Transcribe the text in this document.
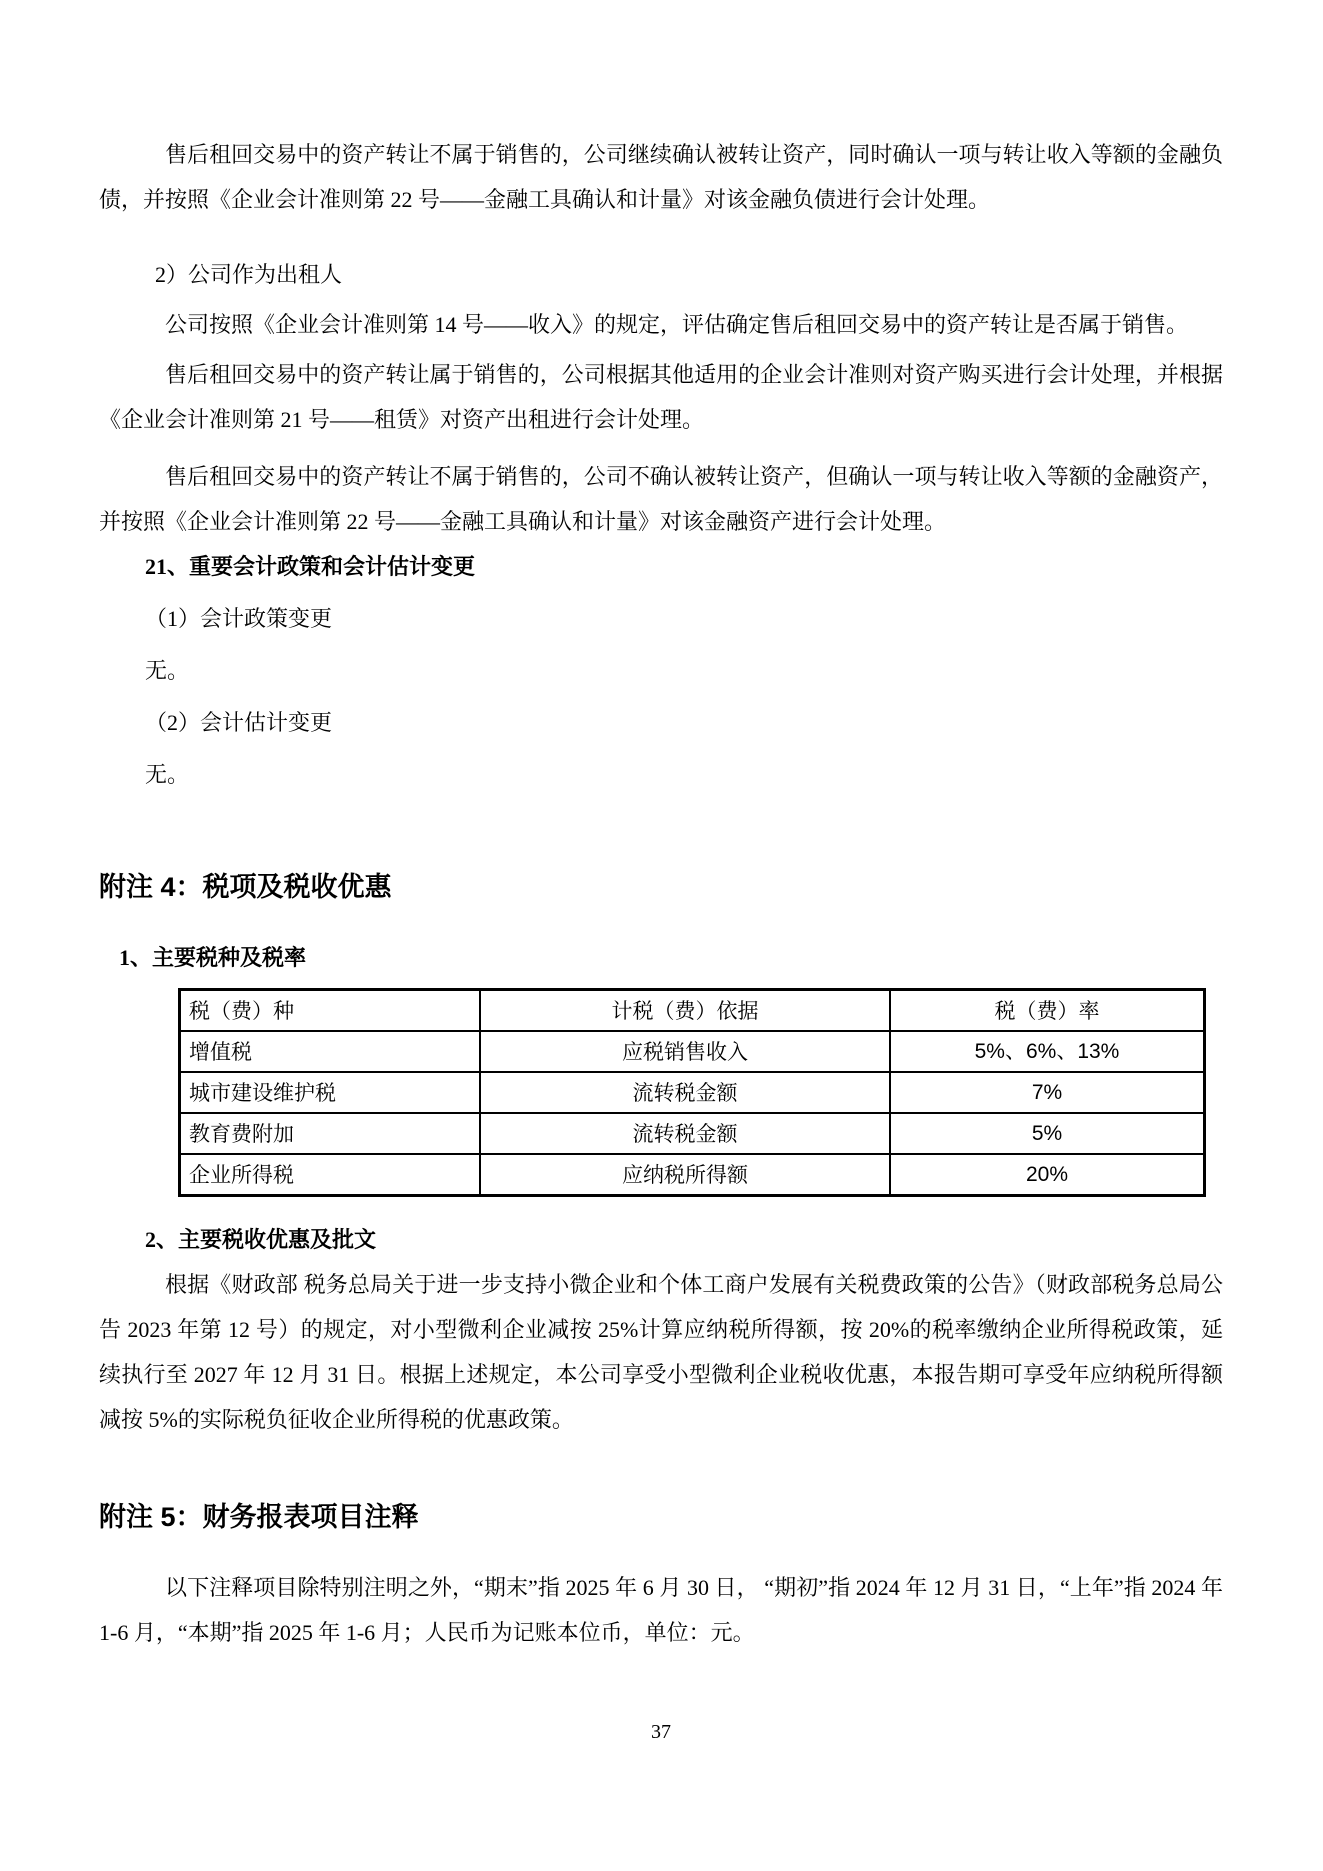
售后租回交易中的资产转让不属于销售的，公司继续确认被转让资产，同时确认一项与转让收入等额的金融负债，并按照《企业会计准则第 22 号——金融工具确认和计量》对该金融负债进行会计处理。

2）公司作为出租人

公司按照《企业会计准则第 14 号——收入》的规定，评估确定售后租回交易中的资产转让是否属于销售。

售后租回交易中的资产转让属于销售的，公司根据其他适用的企业会计准则对资产购买进行会计处理，并根据《企业会计准则第 21 号——租赁》对资产出租进行会计处理。

售后租回交易中的资产转让不属于销售的，公司不确认被转让资产，但确认一项与转让收入等额的金融资产，并按照《企业会计准则第 22 号——金融工具确认和计量》对该金融资产进行会计处理。

21、重要会计政策和会计估计变更

（1）会计政策变更

无。

（2）会计估计变更

无。

附注 4：税项及税收优惠

1、主要税种及税率

税（费）种	计税（费）依据	税（费）率
增值税	应税销售收入	5%、6%、13%
城市建设维护税	流转税金额	7%
教育费附加	流转税金额	5%
企业所得税	应纳税所得额	20%

2、主要税收优惠及批文

根据《财政部 税务总局关于进一步支持小微企业和个体工商户发展有关税费政策的公告》（财政部税务总局公告 2023 年第 12 号）的规定，对小型微利企业减按 25%计算应纳税所得额，按 20%的税率缴纳企业所得税政策，延续执行至 2027 年 12 月 31 日。根据上述规定，本公司享受小型微利企业税收优惠，本报告期可享受年应纳税所得额减按 5%的实际税负征收企业所得税的优惠政策。

附注 5：财务报表项目注释

以下注释项目除特别注明之外，“期末”指 2025 年 6 月 30 日， “期初”指 2024 年 12 月 31 日，“上年”指 2024 年 1-6 月，“本期”指 2025 年 1-6 月；人民币为记账本位币，单位：元。

37
